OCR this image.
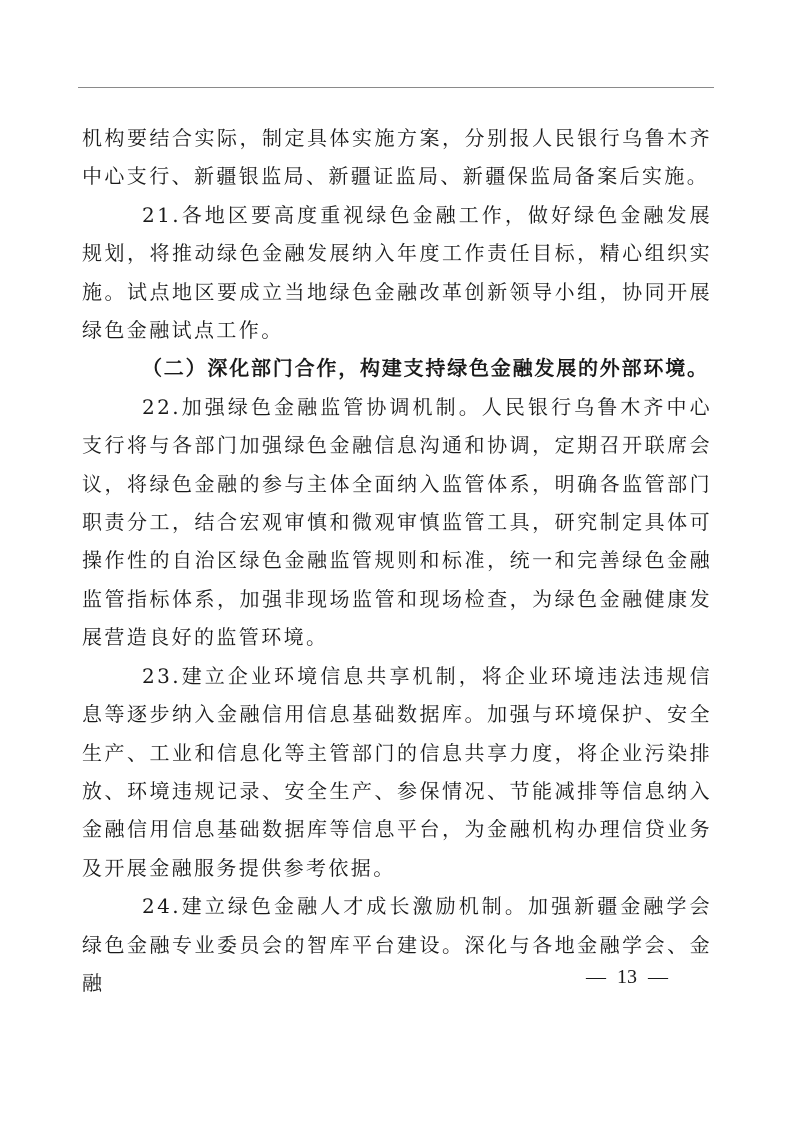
机构要结合实际，制定具体实施方案，分别报人民银行乌鲁木齐中心支行、新疆银监局、新疆证监局、新疆保监局备案后实施。

21.各地区要高度重视绿色金融工作，做好绿色金融发展规划，将推动绿色金融发展纳入年度工作责任目标，精心组织实施。试点地区要成立当地绿色金融改革创新领导小组，协同开展绿色金融试点工作。

（二）深化部门合作，构建支持绿色金融发展的外部环境。

22.加强绿色金融监管协调机制。人民银行乌鲁木齐中心支行将与各部门加强绿色金融信息沟通和协调，定期召开联席会议，将绿色金融的参与主体全面纳入监管体系，明确各监管部门职责分工，结合宏观审慎和微观审慎监管工具，研究制定具体可操作性的自治区绿色金融监管规则和标准，统一和完善绿色金融监管指标体系，加强非现场监管和现场检查，为绿色金融健康发展营造良好的监管环境。

23.建立企业环境信息共享机制，将企业环境违法违规信息等逐步纳入金融信用信息基础数据库。加强与环境保护、安全生产、工业和信息化等主管部门的信息共享力度，将企业污染排放、环境违规记录、安全生产、参保情况、节能减排等信息纳入金融信用信息基础数据库等信息平台，为金融机构办理信贷业务及开展金融服务提供参考依据。

24.建立绿色金融人才成长激励机制。加强新疆金融学会绿色金融专业委员会的智库平台建设。深化与各地金融学会、金融	— 13 —
